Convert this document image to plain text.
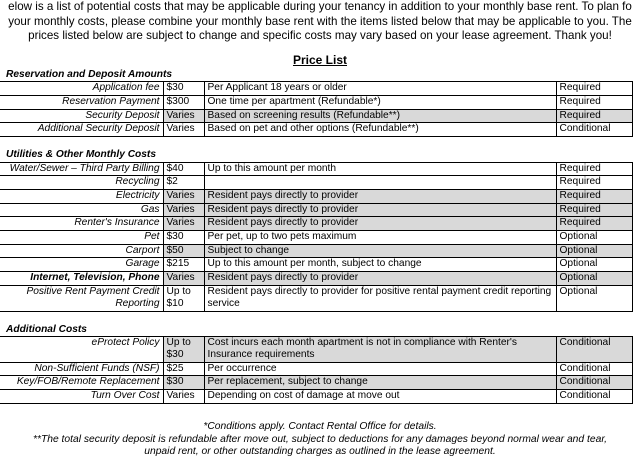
elow is a list of potential costs that may be applicable during your tenancy in addition to your monthly base rent. To plan fo
your monthly costs, please combine your monthly base rent with the items listed below that may be applicable to you. The
prices listed below are subject to change and specific costs may vary based on your lease agreement. Thank you!
Price List
Reservation and Deposit Amounts			
Application fee	$30	Per Applicant 18 years or older	Required
Reservation Payment	$300	One time per apartment (Refundable*)	Required
Security Deposit	Varies	Based on screening results (Refundable**)	Required
Additional Security Deposit	Varies	Based on pet and other options (Refundable**)	Conditional

Utilities & Other Monthly Costs			
Water/Sewer – Third Party Billing	$40	Up to this amount per month	Required
Recycling	$2		Required
Electricity	Varies	Resident pays directly to provider	Required
Gas	Varies	Resident pays directly to provider	Required
Renter's Insurance	Varies	Resident pays directly to provider	Required
Pet	$30	Per pet, up to two pets maximum	Optional
Carport	$50	Subject to change	Optional
Garage	$215	Up to this amount per month, subject to change	Optional
Internet, Television, Phone	Varies	Resident pays directly to provider	Optional
Positive Rent Payment Credit Reporting	Up to $10	Resident pays directly to provider for positive rental payment credit reporting service	Optional

Additional Costs			
eProtect Policy	Up to $30	Cost incurs each month apartment is not in compliance with Renter's Insurance requirements	Conditional
Non-Sufficient Funds (NSF)	$25	Per occurrence	Conditional
Key/FOB/Remote Replacement	$30	Per replacement, subject to change	Conditional
Turn Over Cost	Varies	Depending on cost of damage at move out	Conditional
*Conditions apply. Contact Rental Office for details.
**The total security deposit is refundable after move out, subject to deductions for any damages beyond normal wear and tear,
unpaid rent, or other outstanding charges as outlined in the lease agreement.
